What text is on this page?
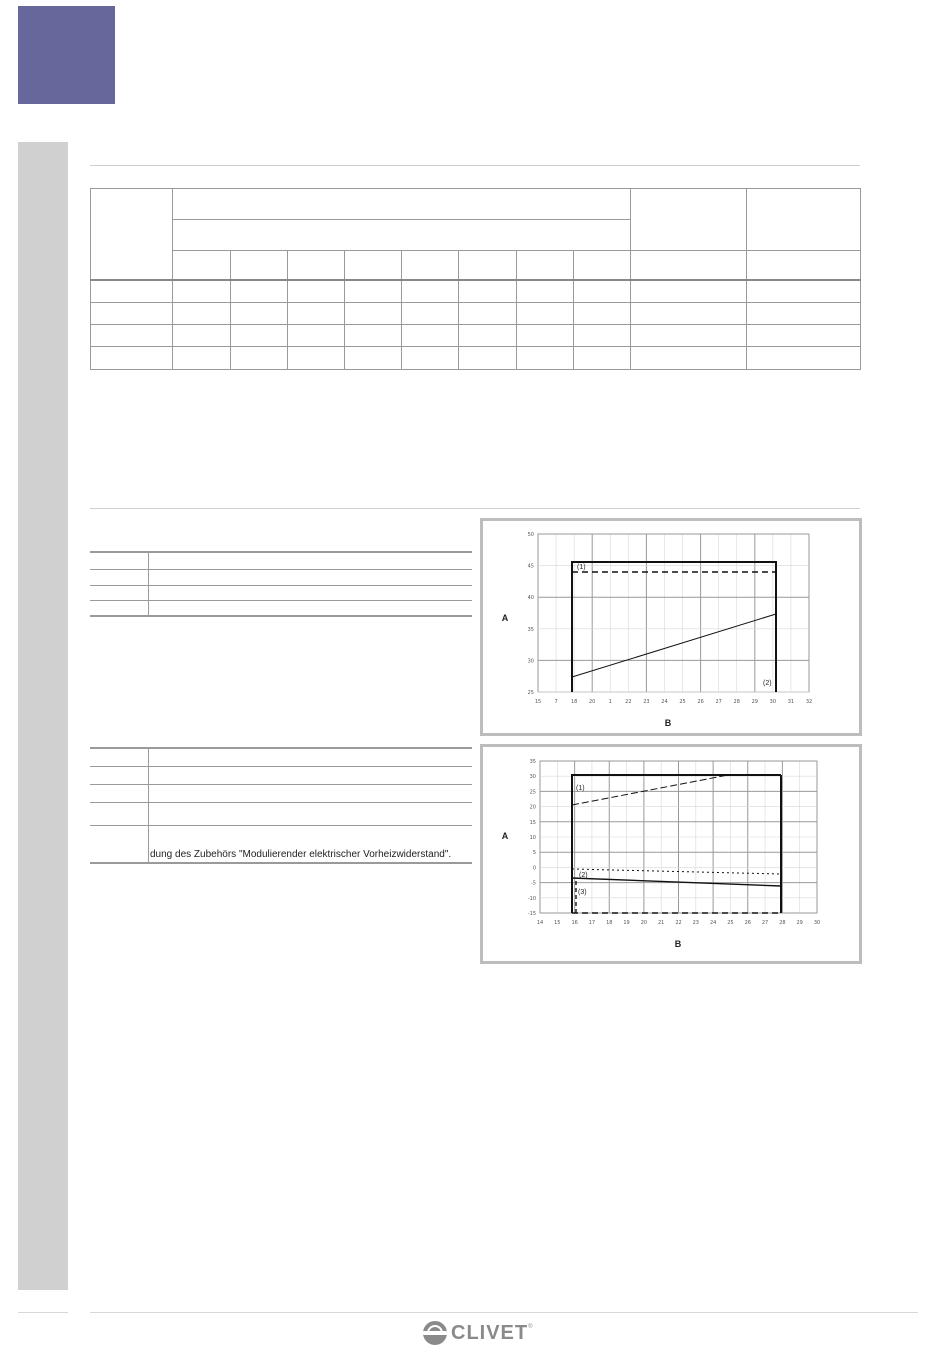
dung des Zubehörs "Modulierender elektrischer Vorheizwiderstand".
15	7	18 20	1	22 23 24 25 26 27 28 29 30 31 32
50
45
40
35
30
25
B
A
(1)
(2)
14 15 16 17 18 19 20 21 22 23 24 25 26 27 28 29 30
35
30
25
20
15
10
5
0
-5
-10
-15
B
A
(1)
(2)
(3)
CLIVET ®
